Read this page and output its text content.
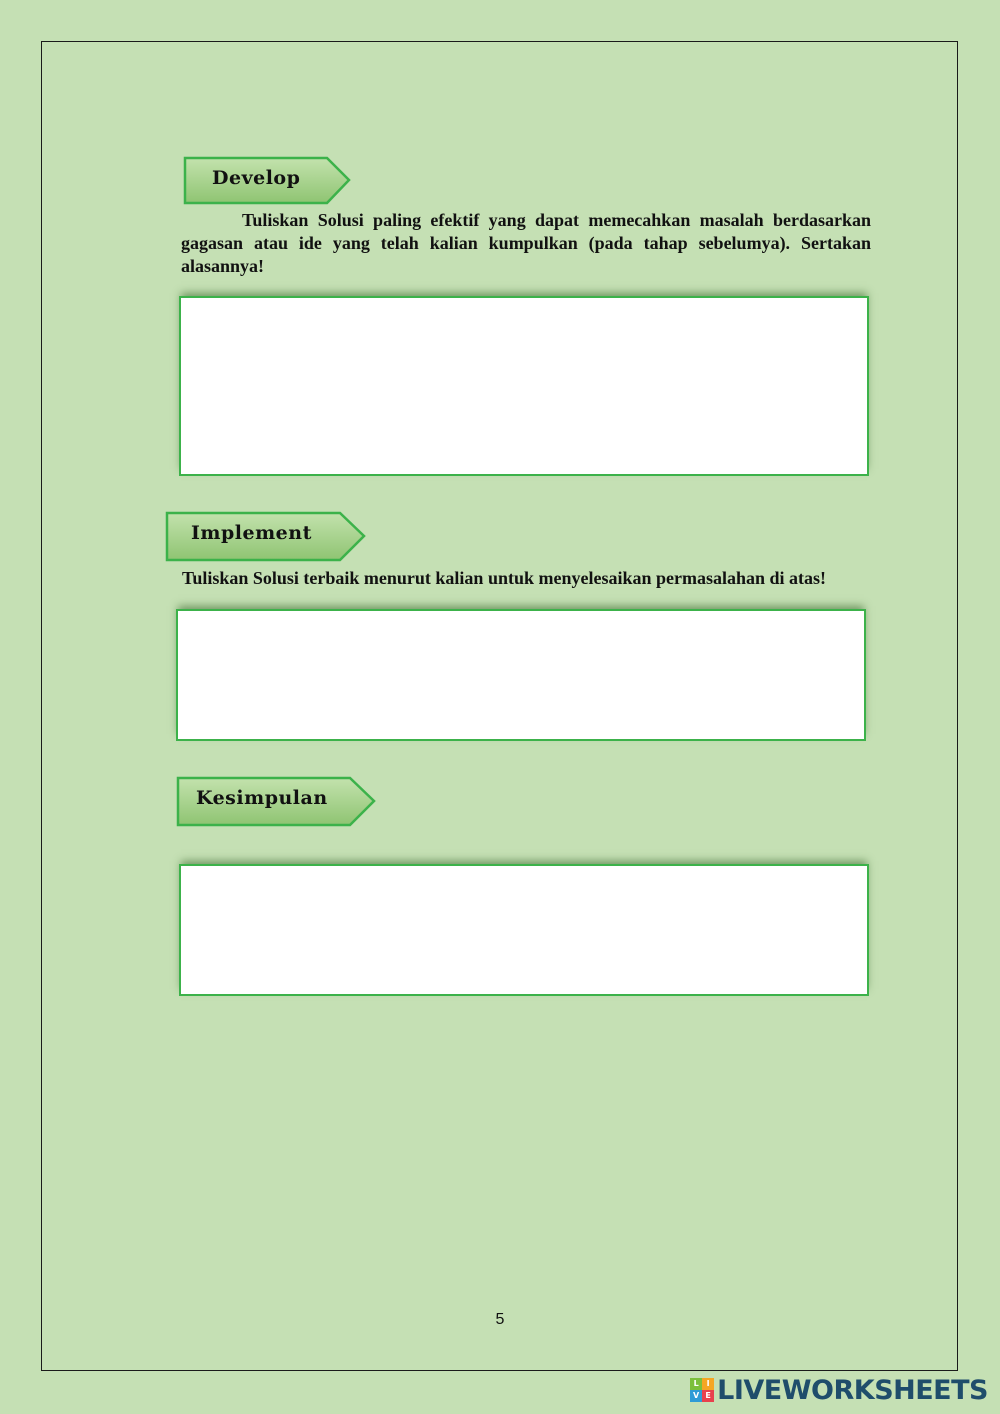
Develop

Tuliskan Solusi paling efektif yang dapat memecahkan masalah berdasarkan gagasan atau ide yang telah kalian kumpulkan (pada tahap sebelumya). Sertakan alasannya!

Implement

Tuliskan Solusi terbaik menurut kalian untuk menyelesaikan permasalahan di atas!

Kesimpulan
5
L I
V E LIVEWORKSHEETS
